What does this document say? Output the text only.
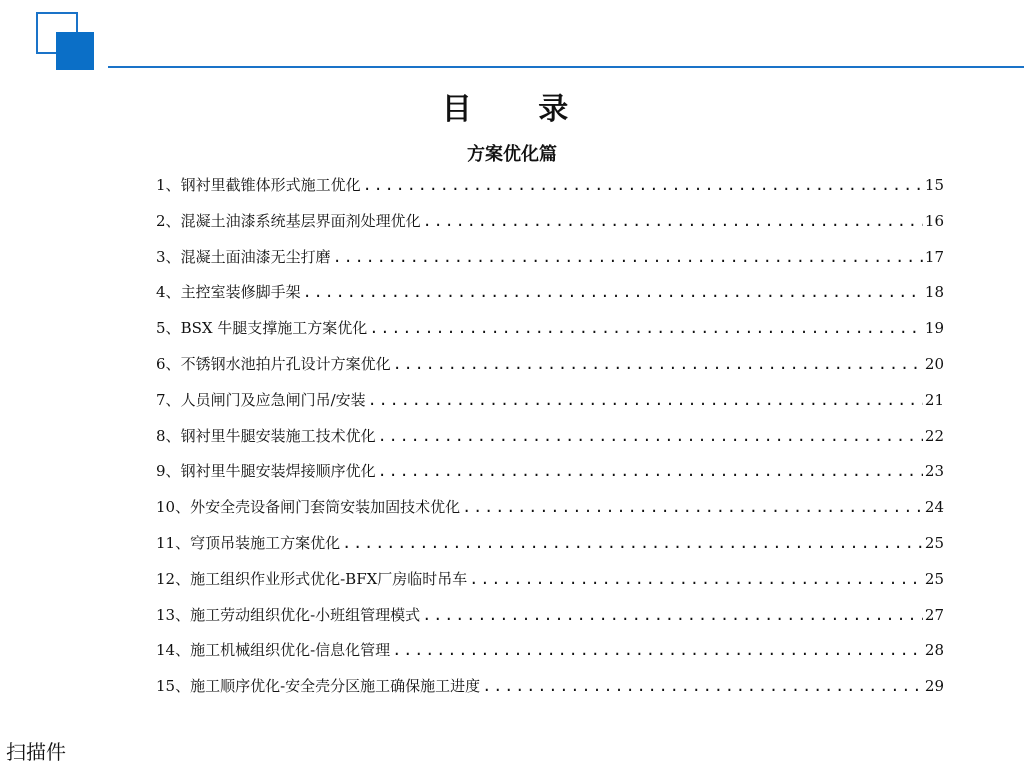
目 录
方案优化篇
1 、 钢衬里截锥体形式施工优化 .....	15
2 、 混凝土油漆系统基层界面剂处理优化 .....	16
3 、 混凝土面油漆无尘打磨 .....	17
4 、 主控室装修脚手架 .....	18
5 、 BSX 牛腿支撑施工方案优化 .....	19
6 、 不锈钢水池拍片孔设计方案优化 .....	20
7 、 人员闸门及应急闸门吊/安装 .....	21
8 、 钢衬里牛腿安装施工技术优化 .....	22
9 、 钢衬里牛腿安装焊接顺序优化 .....	23
10 、 外安全壳设备闸门套筒安装加固技术优化 .....	24
11 、 穹顶吊装施工方案优化 .....	25
12 、 施工组织作业形式优化-BFX厂房临时吊车 .....	25
13 、 施工劳动组织优化-小班组管理模式 .....	27
14 、 施工机械组织优化-信息化管理 .....	28
15 、 施工顺序优化-安全壳分区施工确保施工进度 .....	29
扫描件
